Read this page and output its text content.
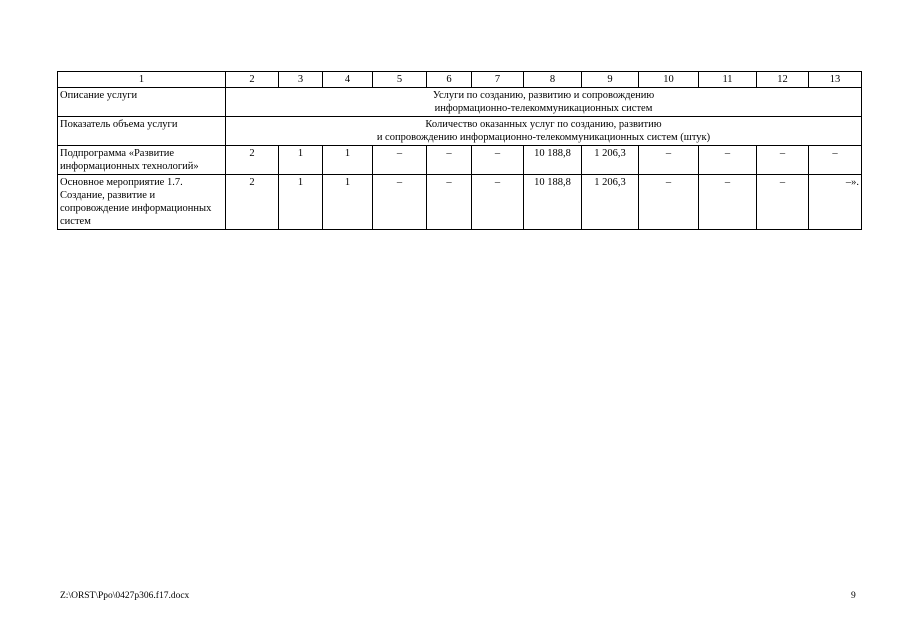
1	2	3	4	5	6	7	8	9	10	11	12	13
Описание услуги	Услуги по созданию, развитию и сопровождению
информационно-телекоммуникационных систем											

Показатель объема услуги	Количество оказанных услуг по созданию, развитию
и сопровождению информационно-телекоммуникационных систем (штук)											

Подпрограмма «Развитие информационных технологий»	2	1	1	–	–	–	10 188,8	1 206,3	–	–	–	–
Основное мероприятие 1.7. Создание, развитие и сопровождение информационных систем	2	1	1	–	–	–	10 188,8	1 206,3	–	–	–	–».
Z:\ORST\Ppo\0427p306.f17.docx	9
